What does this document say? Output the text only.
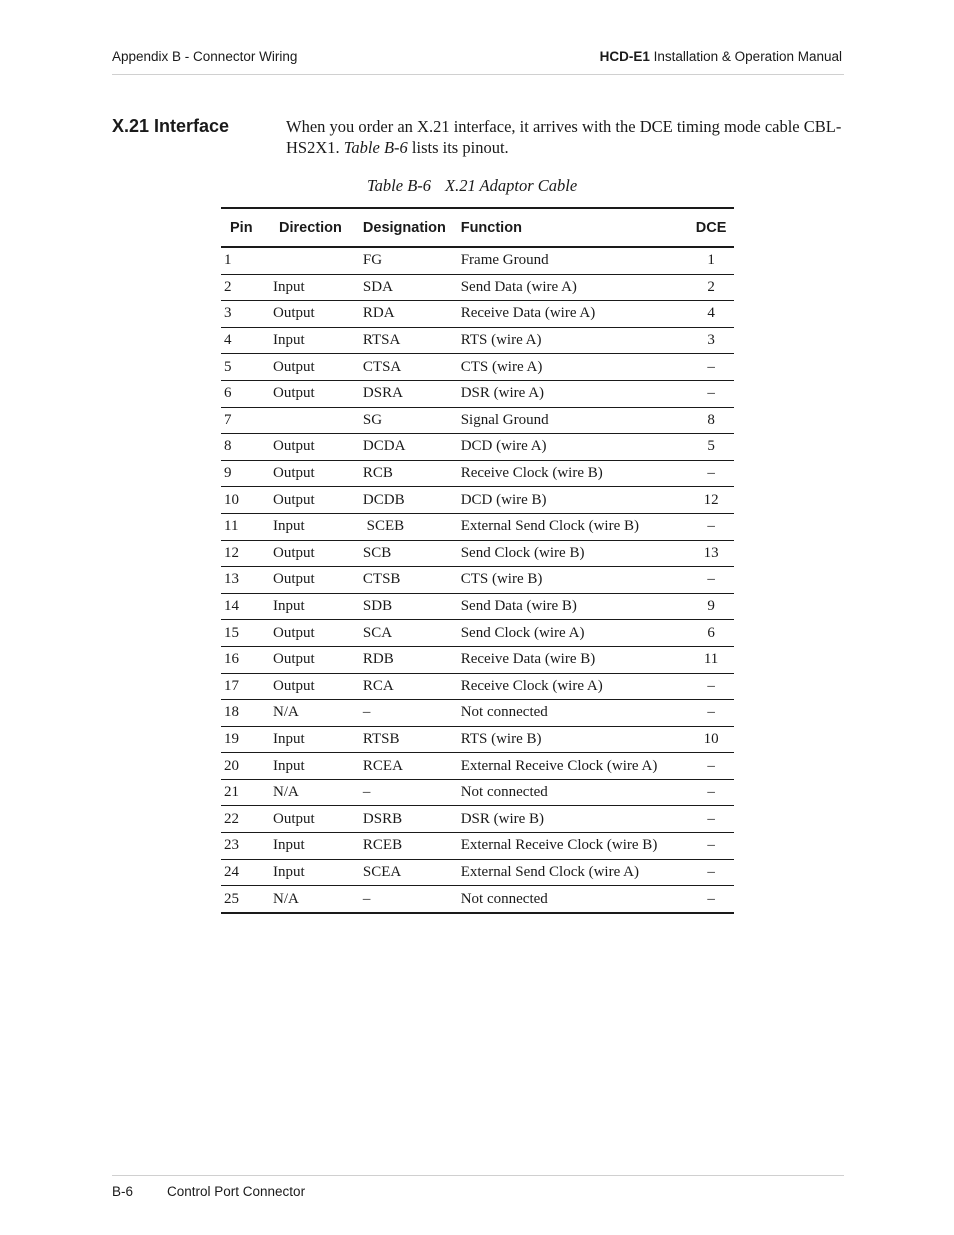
Appendix B - Connector Wiring	HCD-E1 Installation & Operation Manual
X.21 Interface	When you order an X.21 interface, it arrives with the DCE timing mode cable CBL-HS2X1. Table B-6 lists its pinout.
Table B-6 X.21 Adaptor Cable
Pin	Direction	Designation	Function	DCE
1		FG	Frame Ground	1
2	Input	SDA	Send Data (wire A)	2
3	Output	RDA	Receive Data (wire A)	4
4	Input	RTSA	RTS (wire A)	3
5	Output	CTSA	CTS (wire A)	–
6	Output	DSRA	DSR (wire A)	–
7		SG	Signal Ground	8
8	Output	DCDA	DCD (wire A)	5
9	Output	RCB	Receive Clock (wire B)	–
10	Output	DCDB	DCD (wire B)	12
11	Input	SCEB	External Send Clock (wire B)	–
12	Output	SCB	Send Clock (wire B)	13
13	Output	CTSB	CTS (wire B)	–
14	Input	SDB	Send Data (wire B)	9
15	Output	SCA	Send Clock (wire A)	6
16	Output	RDB	Receive Data (wire B)	11
17	Output	RCA	Receive Clock (wire A)	–
18	N/A	–	Not connected	–
19	Input	RTSB	RTS (wire B)	10
20	Input	RCEA	External Receive Clock (wire A)	–
21	N/A	–	Not connected	–
22	Output	DSRB	DSR (wire B)	–
23	Input	RCEB	External Receive Clock (wire B)	–
24	Input	SCEA	External Send Clock (wire A)	–
25	N/A	–	Not connected	–
B-6	Control Port Connector
